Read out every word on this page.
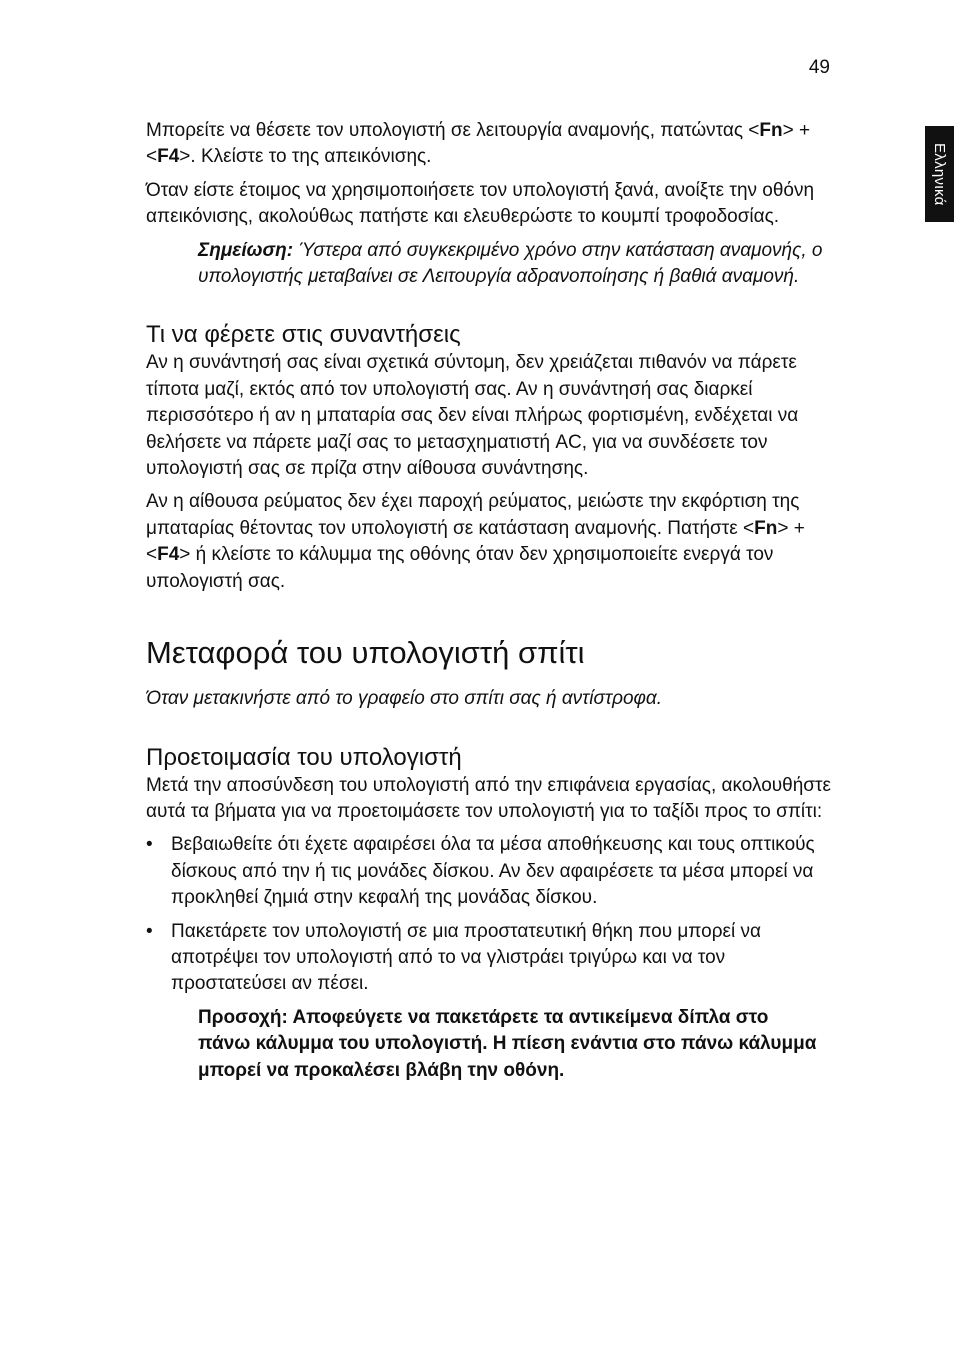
49
Ελληνικά

Μπορείτε να θέσετε τον υπολογιστή σε λειτουργία αναμονής, πατώντας <Fn> + <F4>. Κλείστε το της απεικόνισης.

Όταν είστε έτοιμος να χρησιμοποιήσετε τον υπολογιστή ξανά, ανοίξτε την οθόνη απεικόνισης, ακολούθως πατήστε και ελευθερώστε το κουμπί τροφοδοσίας.

Σημείωση: Ύστερα από συγκεκριμένο χρόνο στην κατάσταση αναμονής, ο υπολογιστής μεταβαίνει σε Λειτουργία αδρανοποίησης ή βαθιά αναμονή.

Τι να φέρετε στις συναντήσεις

Αν η συνάντησή σας είναι σχετικά σύντομη, δεν χρειάζεται πιθανόν να πάρετε τίποτα μαζί, εκτός από τον υπολογιστή σας. Αν η συνάντησή σας διαρκεί περισσότερο ή αν η μπαταρία σας δεν είναι πλήρως φορτισμένη, ενδέχεται να θελήσετε να πάρετε μαζί σας το μετασχηματιστή AC, για να συνδέσετε τον υπολογιστή σας σε πρίζα στην αίθουσα συνάντησης.

Αν η αίθουσα ρεύματος δεν έχει παροχή ρεύματος, μειώστε την εκφόρτιση της μπαταρίας θέτοντας τον υπολογιστή σε κατάσταση αναμονής. Πατήστε <Fn> + <F4> ή κλείστε το κάλυμμα της οθόνης όταν δεν χρησιμοποιείτε ενεργά τον υπολογιστή σας.

Μεταφορά του υπολογιστή σπίτι

Όταν μετακινήστε από το γραφείο στο σπίτι σας ή αντίστροφα.

Προετοιμασία του υπολογιστή

Μετά την αποσύνδεση του υπολογιστή από την επιφάνεια εργασίας, ακολουθήστε αυτά τα βήματα για να προετοιμάσετε τον υπολογιστή για το ταξίδι προς το σπίτι:

• Βεβαιωθείτε ότι έχετε αφαιρέσει όλα τα μέσα αποθήκευσης και τους οπτικούς δίσκους από την ή τις μονάδες δίσκου. Αν δεν αφαιρέσετε τα μέσα μπορεί να προκληθεί ζημιά στην κεφαλή της μονάδας δίσκου.
• Πακετάρετε τον υπολογιστή σε μια προστατευτική θήκη που μπορεί να αποτρέψει τον υπολογιστή από το να γλιστράει τριγύρω και να τον προστατεύσει αν πέσει.

Προσοχή: Αποφεύγετε να πακετάρετε τα αντικείμενα δίπλα στο πάνω κάλυμμα του υπολογιστή. Η πίεση ενάντια στο πάνω κάλυμμα μπορεί να προκαλέσει βλάβη την οθόνη.
